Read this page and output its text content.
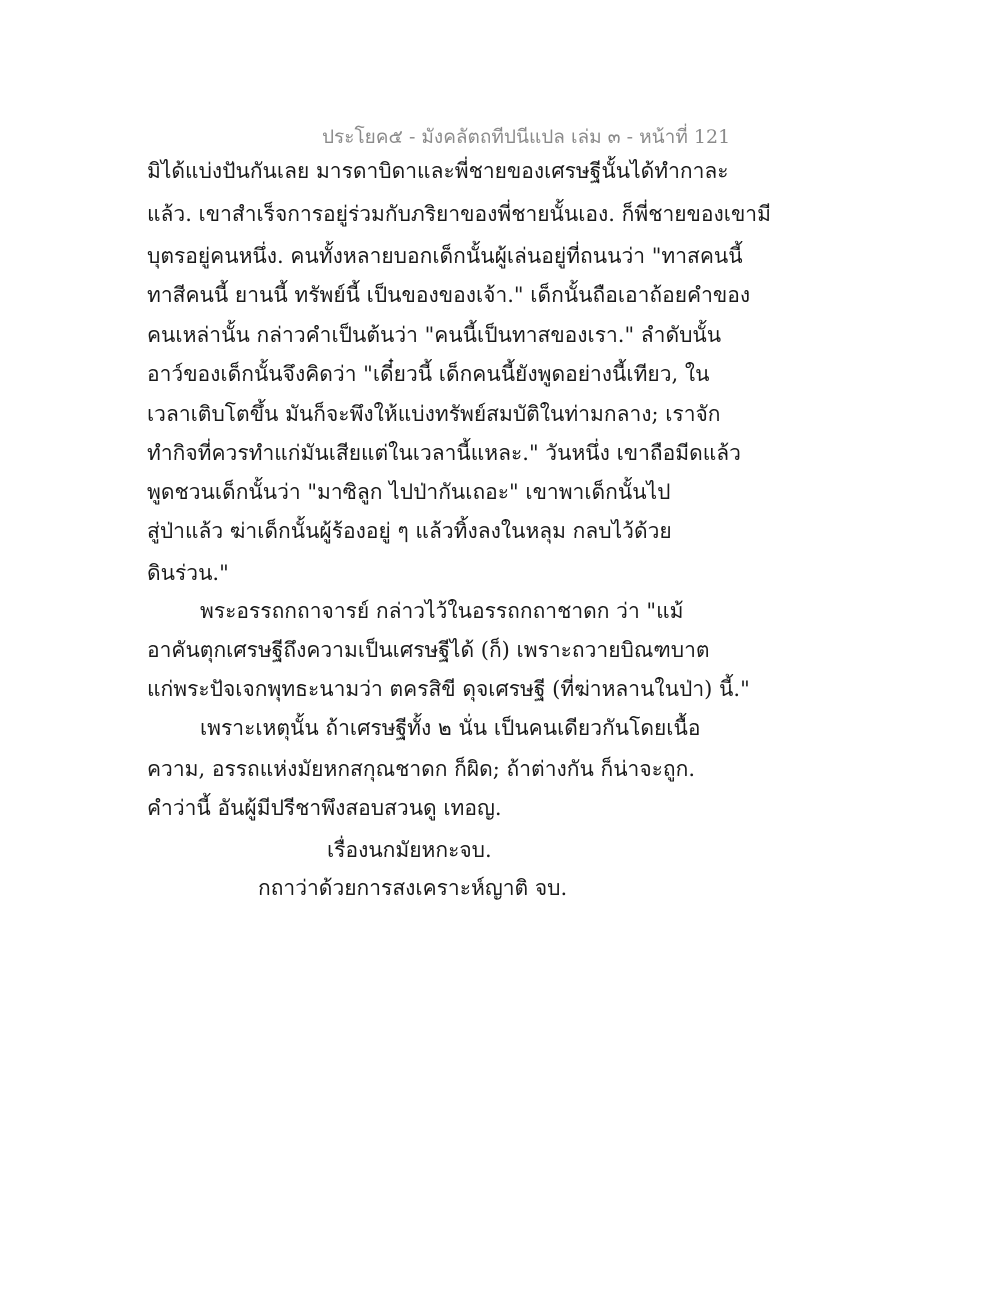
ประโยค๕ - มังคลัตถทีปนีแปล เล่ม ๓ - หน้าที่ 121
มิได้แบ่งปันกันเลย มารดาบิดาและพี่ชายของเศรษฐีนั้นได้ทำกาละ
แล้ว. เขาสำเร็จการอยู่ร่วมกับภริยาของพี่ชายนั้นเอง. ก็พี่ชายของเขามี
บุตรอยู่คนหนึ่ง. คนทั้งหลายบอกเด็กนั้นผู้เล่นอยู่ที่ถนนว่า "ทาสคนนี้
ทาสีคนนี้ ยานนี้ ทรัพย์นี้ เป็นของของเจ้า." เด็กนั้นถือเอาถ้อยคำของ
คนเหล่านั้น กล่าวคำเป็นต้นว่า "คนนี้เป็นทาสของเรา." ลำดับนั้น
อาว์ของเด็กนั้นจึงคิดว่า "เดี๋ยวนี้ เด็กคนนี้ยังพูดอย่างนี้เทียว, ใน
เวลาเติบโตขึ้น มันก็จะพึงให้แบ่งทรัพย์สมบัติในท่ามกลาง; เราจัก
ทำกิจที่ควรทำแก่มันเสียแต่ในเวลานี้แหละ." วันหนึ่ง เขาถือมีดแล้ว
พูดชวนเด็กนั้นว่า "มาซิลูก ไปป่ากันเถอะ" เขาพาเด็กนั้นไป
สู่ป่าแล้ว ฆ่าเด็กนั้นผู้ร้องอยู่ ๆ แล้วทิ้งลงในหลุม กลบไว้ด้วย
ดินร่วน."
พระอรรถกถาจารย์ กล่าวไว้ในอรรถกถาชาดก ว่า "แม้
อาคันตุกเศรษฐีถึงความเป็นเศรษฐีได้ (ก็) เพราะถวายบิณฑบาต
แก่พระปัจเจกพุทธะนามว่า ตครสิขี ดุจเศรษฐี (ที่ฆ่าหลานในป่า) นี้."
เพราะเหตุนั้น ถ้าเศรษฐีทั้ง ๒ นั่น เป็นคนเดียวกันโดยเนื้อ
ความ, อรรถแห่งมัยหกสกุณชาดก ก็ผิด; ถ้าต่างกัน ก็น่าจะถูก.
คำว่านี้ อันผู้มีปรีชาพึงสอบสวนดู เทอญ.
เรื่องนกมัยหกะจบ.
กถาว่าด้วยการสงเคราะห์ญาติ จบ.
